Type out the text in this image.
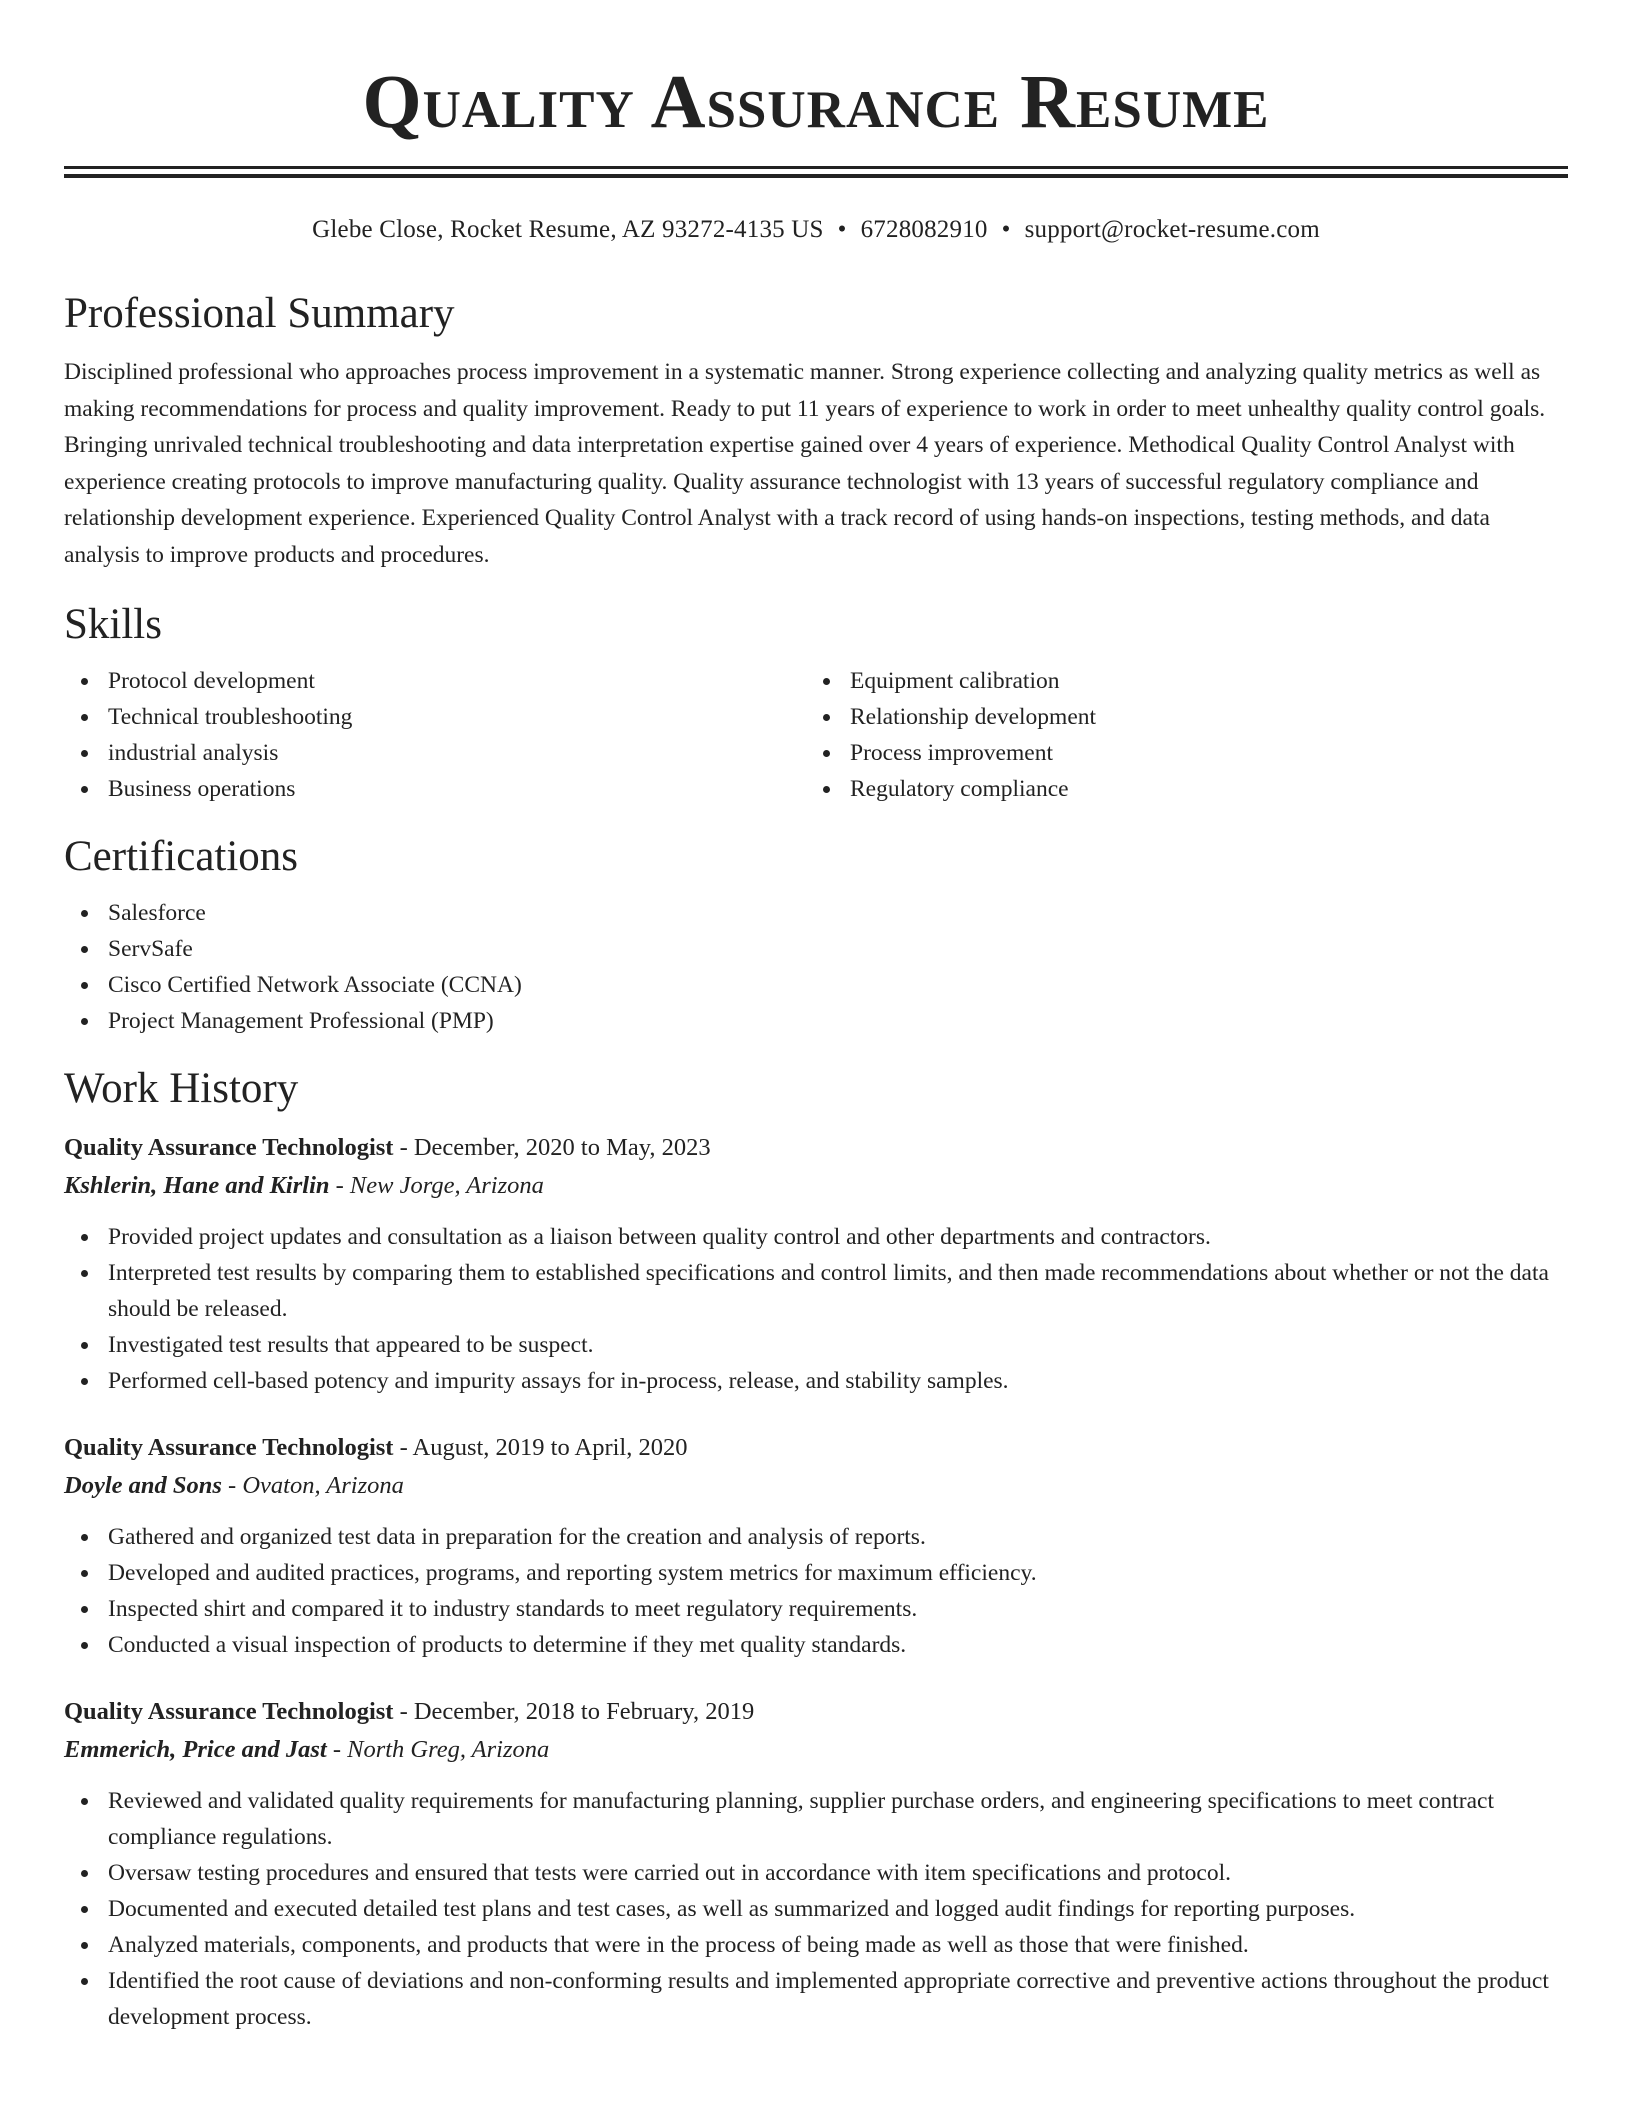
Quality Assurance Resume
Glebe Close, Rocket Resume, AZ 93272-4135 US • 6728082910 • support@rocket-resume.com
Professional Summary

Disciplined professional who approaches process improvement in a systematic manner. Strong experience collecting and analyzing quality metrics as well as making recommendations for process and quality improvement. Ready to put 11 years of experience to work in order to meet unhealthy quality control goals. Bringing unrivaled technical troubleshooting and data interpretation expertise gained over 4 years of experience. Methodical Quality Control Analyst with experience creating protocols to improve manufacturing quality. Quality assurance technologist with 13 years of successful regulatory compliance and relationship development experience. Experienced Quality Control Analyst with a track record of using hands-on inspections, testing methods, and data analysis to improve products and procedures.

Skills
Protocol development
Technical troubleshooting
industrial analysis
Business operations
Equipment calibration
Relationship development
Process improvement
Regulatory compliance
Certifications
Salesforce
ServSafe
Cisco Certified Network Associate (CCNA)
Project Management Professional (PMP)
Work History
Quality Assurance Technologist - December, 2020 to May, 2023
Kshlerin, Hane and Kirlin - New Jorge, Arizona
Provided project updates and consultation as a liaison between quality control and other departments and contractors.
Interpreted test results by comparing them to established specifications and control limits, and then made recommendations about whether or not the data should be released.
Investigated test results that appeared to be suspect.
Performed cell-based potency and impurity assays for in-process, release, and stability samples.
Quality Assurance Technologist - August, 2019 to April, 2020
Doyle and Sons - Ovaton, Arizona
Gathered and organized test data in preparation for the creation and analysis of reports.
Developed and audited practices, programs, and reporting system metrics for maximum efficiency.
Inspected shirt and compared it to industry standards to meet regulatory requirements.
Conducted a visual inspection of products to determine if they met quality standards.
Quality Assurance Technologist - December, 2018 to February, 2019
Emmerich, Price and Jast - North Greg, Arizona
Reviewed and validated quality requirements for manufacturing planning, supplier purchase orders, and engineering specifications to meet contract compliance regulations.
Oversaw testing procedures and ensured that tests were carried out in accordance with item specifications and protocol.
Documented and executed detailed test plans and test cases, as well as summarized and logged audit findings for reporting purposes.
Analyzed materials, components, and products that were in the process of being made as well as those that were finished.
Identified the root cause of deviations and non-conforming results and implemented appropriate corrective and preventive actions throughout the product development process.
